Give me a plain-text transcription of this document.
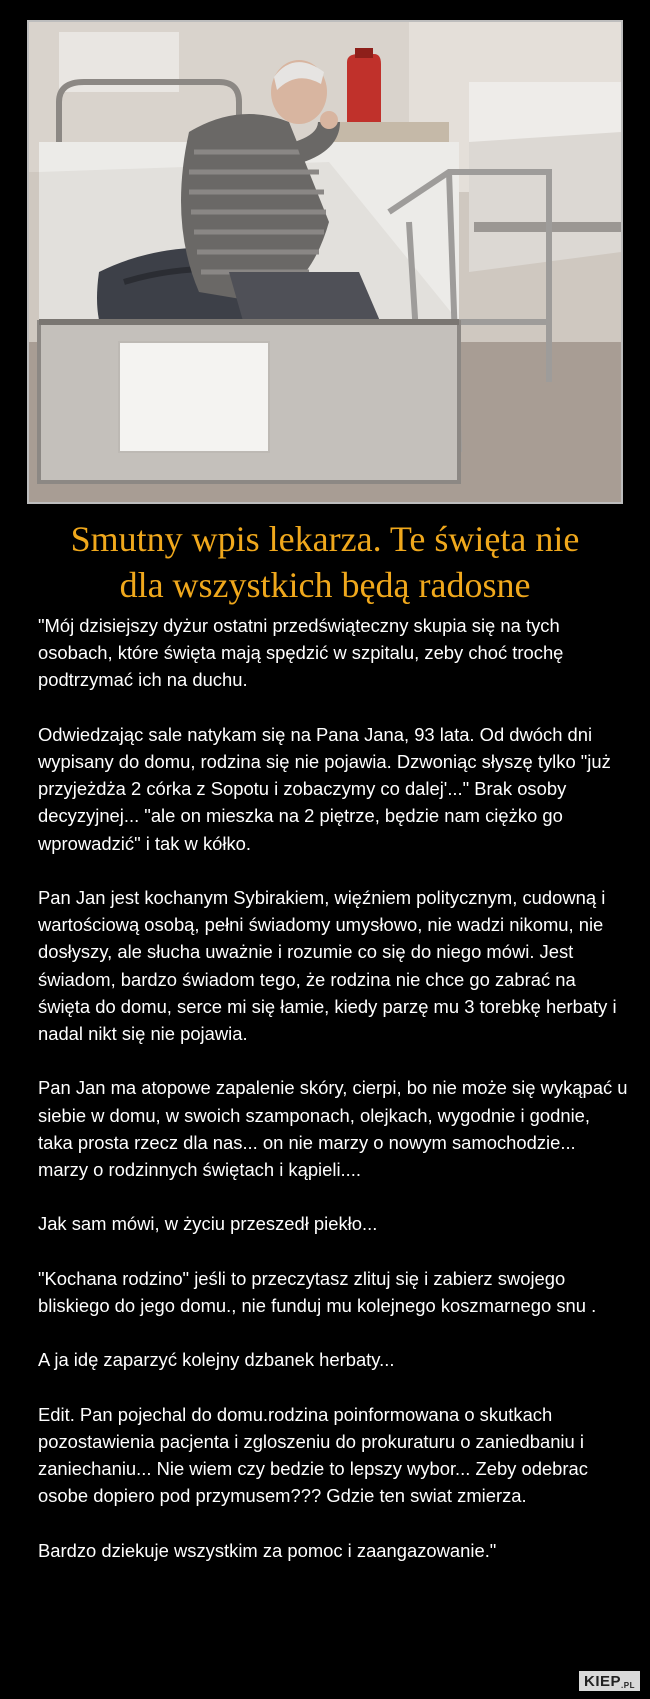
Smutny wpis lekarza. Te święta nie
dla wszystkich będą radosne

"Mój dzisiejszy dyżur ostatni przedświąteczny skupia się na tych osobach, które święta mają spędzić w szpitalu, zeby choć trochę podtrzymać ich na duchu.

Odwiedzając sale natykam się na Pana Jana, 93 lata. Od dwóch dni wypisany do domu, rodzina się nie pojawia. Dzwoniąc słyszę tylko "już przyjeżdża 2 córka z Sopotu i zobaczymy co dalej'..." Brak osoby decyzyjnej... "ale on mieszka na 2 piętrze, będzie nam ciężko go wprowadzić" i tak w kółko.

Pan Jan jest kochanym Sybirakiem, więźniem politycznym, cudowną i wartościową osobą, pełni świadomy umysłowo, nie wadzi nikomu, nie dosłyszy, ale słucha uważnie i rozumie co się do niego mówi. Jest świadom, bardzo świadom tego, że rodzina nie chce go zabrać na święta do domu, serce mi się łamie, kiedy parzę mu 3 torebkę herbaty i nadal nikt się nie pojawia.

Pan Jan ma atopowe zapalenie skóry, cierpi, bo nie może się wykąpać u siebie w domu, w swoich szamponach, olejkach, wygodnie i godnie, taka prosta rzecz dla nas... on nie marzy o nowym samochodzie... marzy o rodzinnych świętach i kąpieli....

Jak sam mówi, w życiu przeszedł piekło...

"Kochana rodzino" jeśli to przeczytasz zlituj się i zabierz swojego bliskiego do jego domu., nie funduj mu kolejnego koszmarnego snu .

A ja idę zaparzyć kolejny dzbanek herbaty...

Edit. Pan pojechal do domu.rodzina poinformowana o skutkach pozostawienia pacjenta i zgloszeniu do prokuraturu o zaniedbaniu i zaniechaniu... Nie wiem czy bedzie to lepszy wybor... Zeby odebrac osobe dopiero pod przymusem??? Gdzie ten swiat zmierza.

Bardzo dziekuje wszystkim za pomoc i zaangazowanie."

KIEP.PL
